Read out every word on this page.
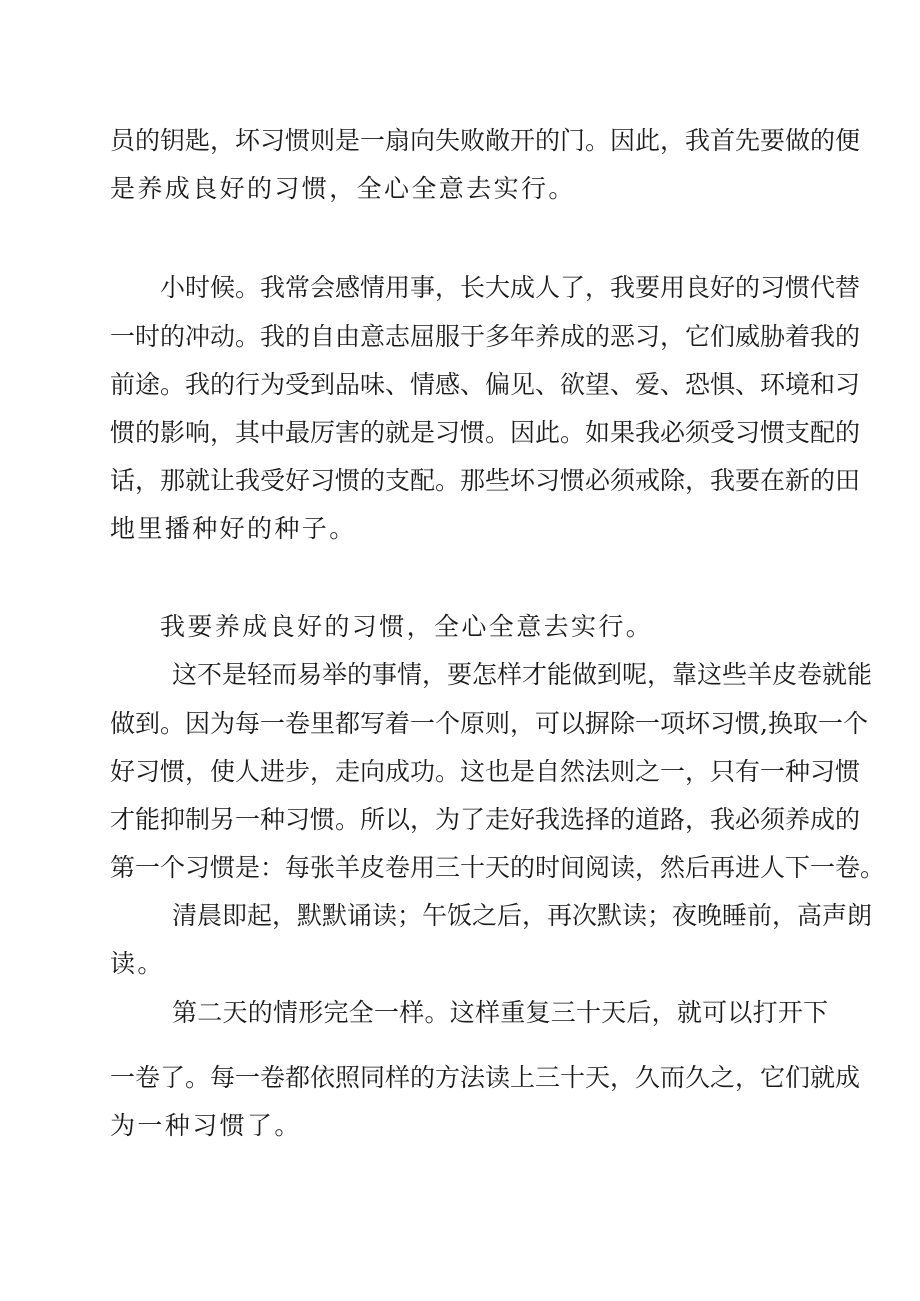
员的钥匙，坏习惯则是一扇向失败敞开的门。因此，我首先要做的便
是养成良好的习惯，全心全意去实行。
小时候。我常会感情用事，长大成人了，我要用良好的习惯代替
一时的冲动。我的自由意志屈服于多年养成的恶习，它们威胁着我的
前途。我的行为受到品味、情感、偏见、欲望、爱、恐惧、环境和习
惯的影响，其中最厉害的就是习惯。因此。如果我必须受习惯支配的
话，那就让我受好习惯的支配。那些坏习惯必须戒除，我要在新的田
地里播种好的种子。
我要养成良好的习惯，全心全意去实行。
这不是轻而易举的事情，要怎样才能做到呢，靠这些羊皮卷就能
做到。因为每一卷里都写着一个原则，可以摒除一项坏习惯,换取一个
好习惯，使人进步，走向成功。这也是自然法则之一，只有一种习惯
才能抑制另一种习惯。所以，为了走好我选择的道路，我必须养成的
第一个习惯是：每张羊皮卷用三十天的时间阅读，然后再进人下一卷。
清晨即起，默默诵读；午饭之后，再次默读；夜晚睡前，高声朗
读。
第二天的情形完全一样。这样重复三十天后，就可以打开下
一卷了。每一卷都依照同样的方法读上三十天，久而久之，它们就成
为一种习惯了。
